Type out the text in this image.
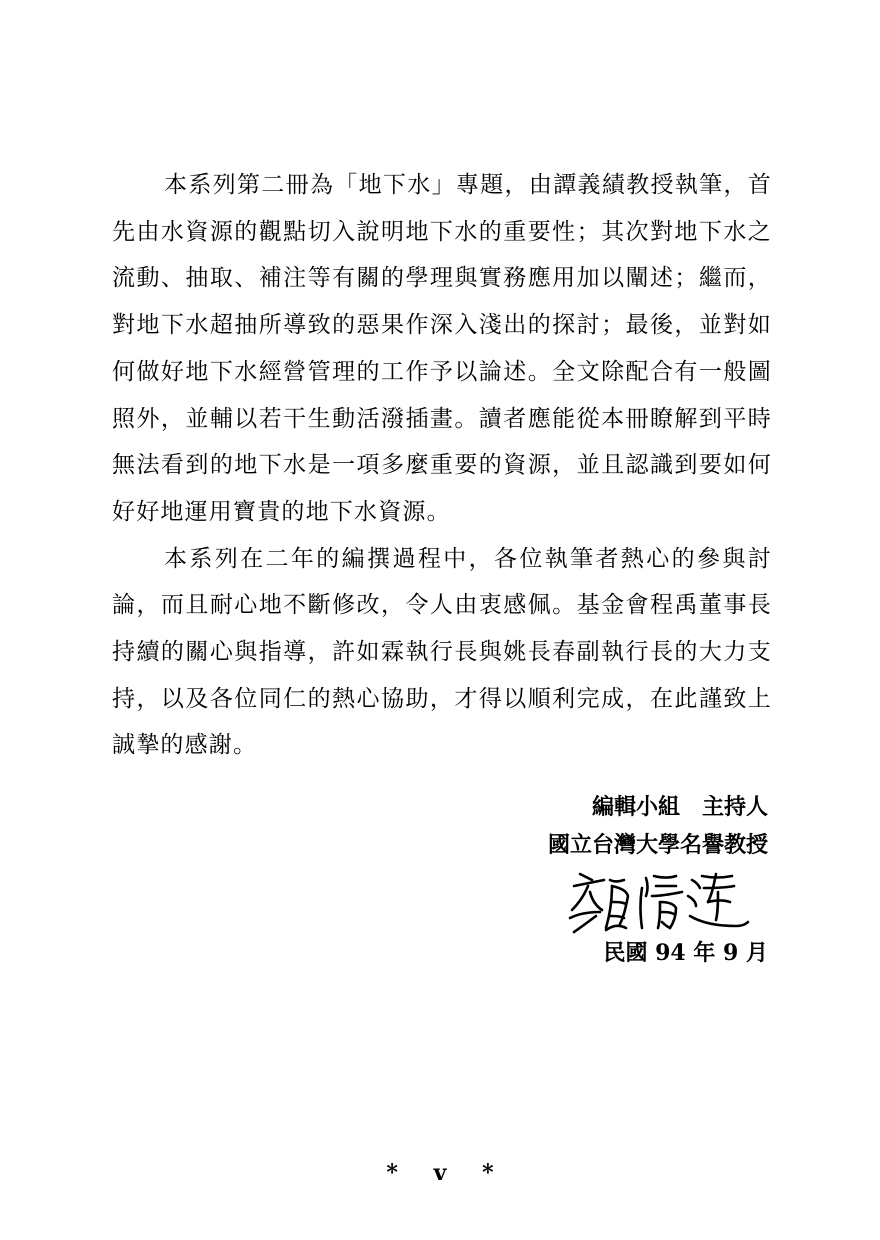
本系列第二冊為「地下水」專題，由譚義績教授執筆，首先由水資源的觀點切入說明地下水的重要性；其次對地下水之流動、抽取、補注等有關的學理與實務應用加以闡述；繼而，對地下水超抽所導致的惡果作深入淺出的探討；最後，並對如何做好地下水經營管理的工作予以論述。全文除配合有一般圖照外，並輔以若干生動活潑插畫。讀者應能從本冊瞭解到平時無法看到的地下水是一項多麼重要的資源，並且認識到要如何好好地運用寶貴的地下水資源。

本系列在二年的編撰過程中，各位執筆者熱心的參與討論，而且耐心地不斷修改，令人由衷感佩。基金會程禹董事長持續的關心與指導，許如霖執行長與姚長春副執行長的大力支持，以及各位同仁的熱心協助，才得以順利完成，在此謹致上誠摯的感謝。

編輯小組 主持人
國立台灣大學名譽教授
民國 94 年 9 月
* v *
